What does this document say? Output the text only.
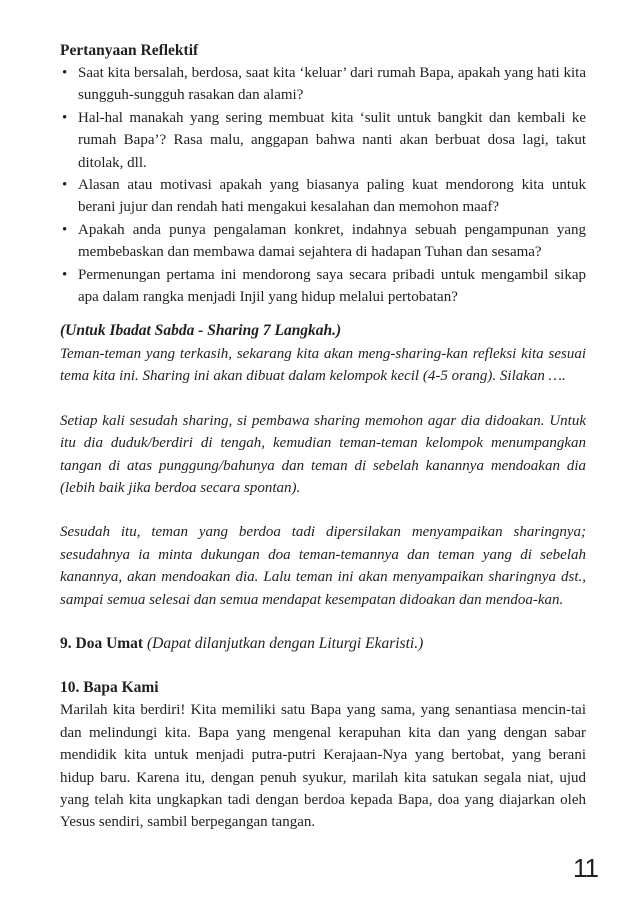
Pertanyaan Reflektif
• Saat kita bersalah, berdosa, saat kita ‘keluar’ dari rumah Bapa, apakah yang hati kita sungguh-sungguh rasakan dan alami?
• Hal-hal manakah yang sering membuat kita ‘sulit untuk bangkit dan kembali ke rumah Bapa’? Rasa malu, anggapan bahwa nanti akan berbuat dosa lagi, takut ditolak, dll.
• Alasan atau motivasi apakah yang biasanya paling kuat mendorong kita untuk berani jujur dan rendah hati mengakui kesalahan dan memohon maaf?
• Apakah anda punya pengalaman konkret, indahnya sebuah pengampunan yang membebaskan dan membawa damai sejahtera di hadapan Tuhan dan sesama?
• Permenungan pertama ini mendorong saya secara pribadi untuk mengambil sikap apa dalam rangka menjadi Injil yang hidup melalui pertobatan?
(Untuk Ibadat Sabda - Sharing 7 Langkah.)

Teman-teman yang terkasih, sekarang kita akan meng-sharing-kan refleksi kita sesuai tema kita ini. Sharing ini akan dibuat dalam kelompok kecil (4-5 orang). Silakan ….

Setiap kali sesudah sharing, si pembawa sharing memohon agar dia didoakan. Untuk itu dia duduk/berdiri di tengah, kemudian teman-teman kelompok menumpangkan tangan di atas punggung/bahunya dan teman di sebelah kanannya mendoakan dia (lebih baik jika berdoa secara spontan).

Sesudah itu, teman yang berdoa tadi dipersilakan menyampaikan sharingnya; sesudahnya ia minta dukungan doa teman-temannya dan teman yang di sebelah kanannya, akan mendoakan dia. Lalu teman ini akan menyampaikan sharingnya dst., sampai semua selesai dan semua mendapat kesempatan didoakan dan mendoa-kan.

9. Doa Umat (Dapat dilanjutkan dengan Liturgi Ekaristi.)
10. Bapa Kami

Marilah kita berdiri! Kita memiliki satu Bapa yang sama, yang senantiasa mencin-tai dan melindungi kita. Bapa yang mengenal kerapuhan kita dan yang dengan sabar mendidik kita untuk menjadi putra-putri Kerajaan-Nya yang bertobat, yang berani hidup baru. Karena itu, dengan penuh syukur, marilah kita satukan segala niat, ujud yang telah kita ungkapkan tadi dengan berdoa kepada Bapa, doa yang diajarkan oleh Yesus sendiri, sambil berpegangan tangan.

11
